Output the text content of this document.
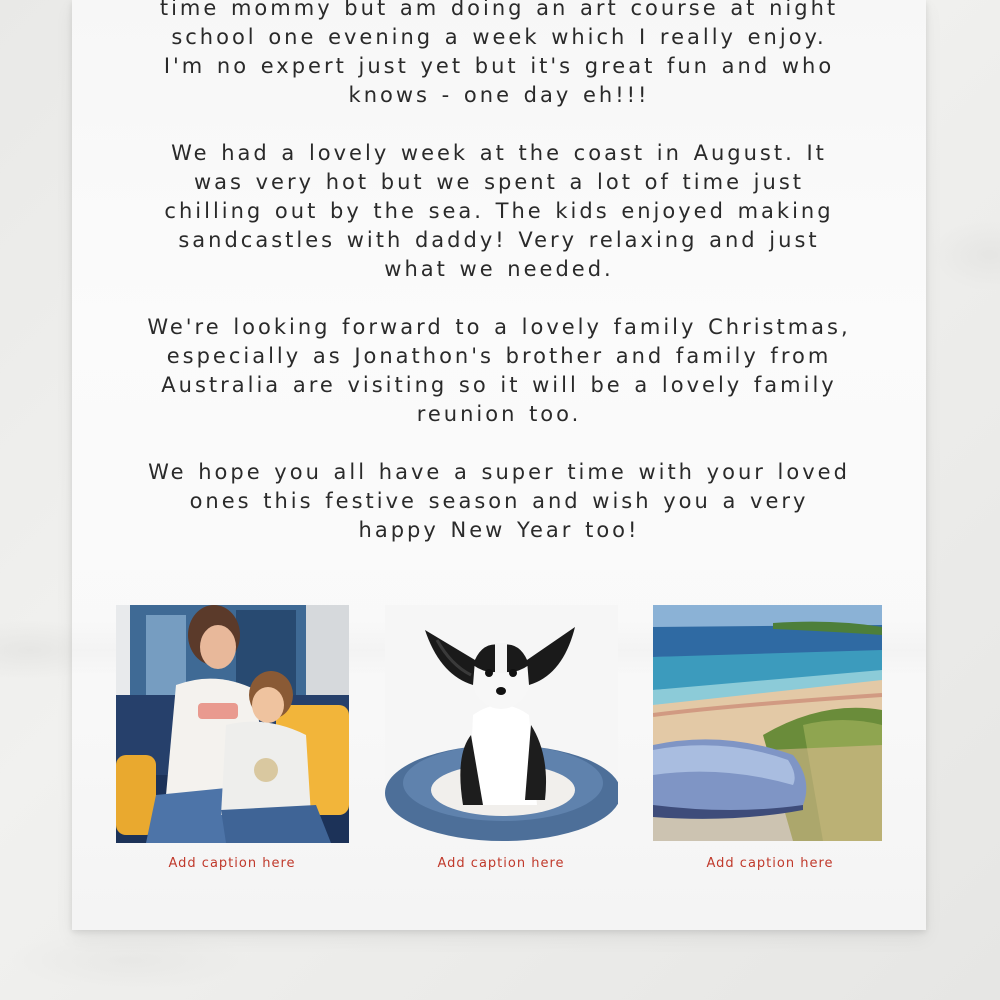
time mommy but am doing an art course at night school one evening a week which I really enjoy. I'm no expert just yet but it's great fun and who knows - one day eh!!!

We had a lovely week at the coast in August. It was very hot but we spent a lot of time just chilling out by the sea. The kids enjoyed making sandcastles with daddy! Very relaxing and just what we needed.

We're looking forward to a lovely family Christmas, especially as Jonathon's brother and family from Australia are visiting so it will be a lovely family reunion too.

We hope you all have a super time with your loved ones this festive season and wish you a very happy New Year too!

Add caption here	Add caption here	Add caption here
